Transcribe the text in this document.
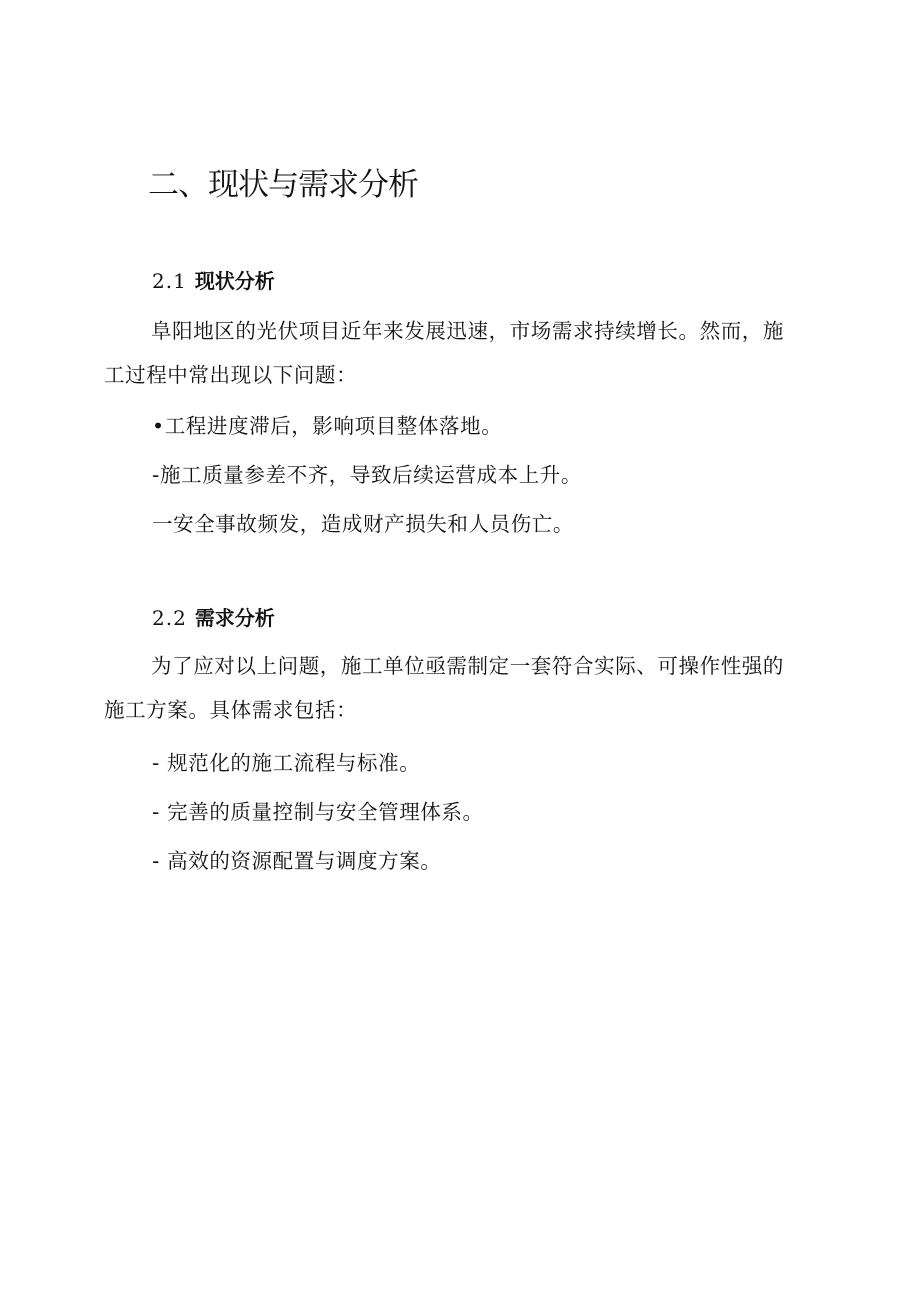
二、现状与需求分析
2.1 现状分析

阜阳地区的光伏项目近年来发展迅速，市场需求持续增长。然而，施工过程中常出现以下问题：

•工程进度滞后，影响项目整体落地。
-施工质量参差不齐，导致后续运营成本上升。
一安全事故频发，造成财产损失和人员伤亡。
2.2 需求分析

为了应对以上问题，施工单位亟需制定一套符合实际、可操作性强的施工方案。具体需求包括：

- 规范化的施工流程与标准。
- 完善的质量控制与安全管理体系。
- 高效的资源配置与调度方案。
